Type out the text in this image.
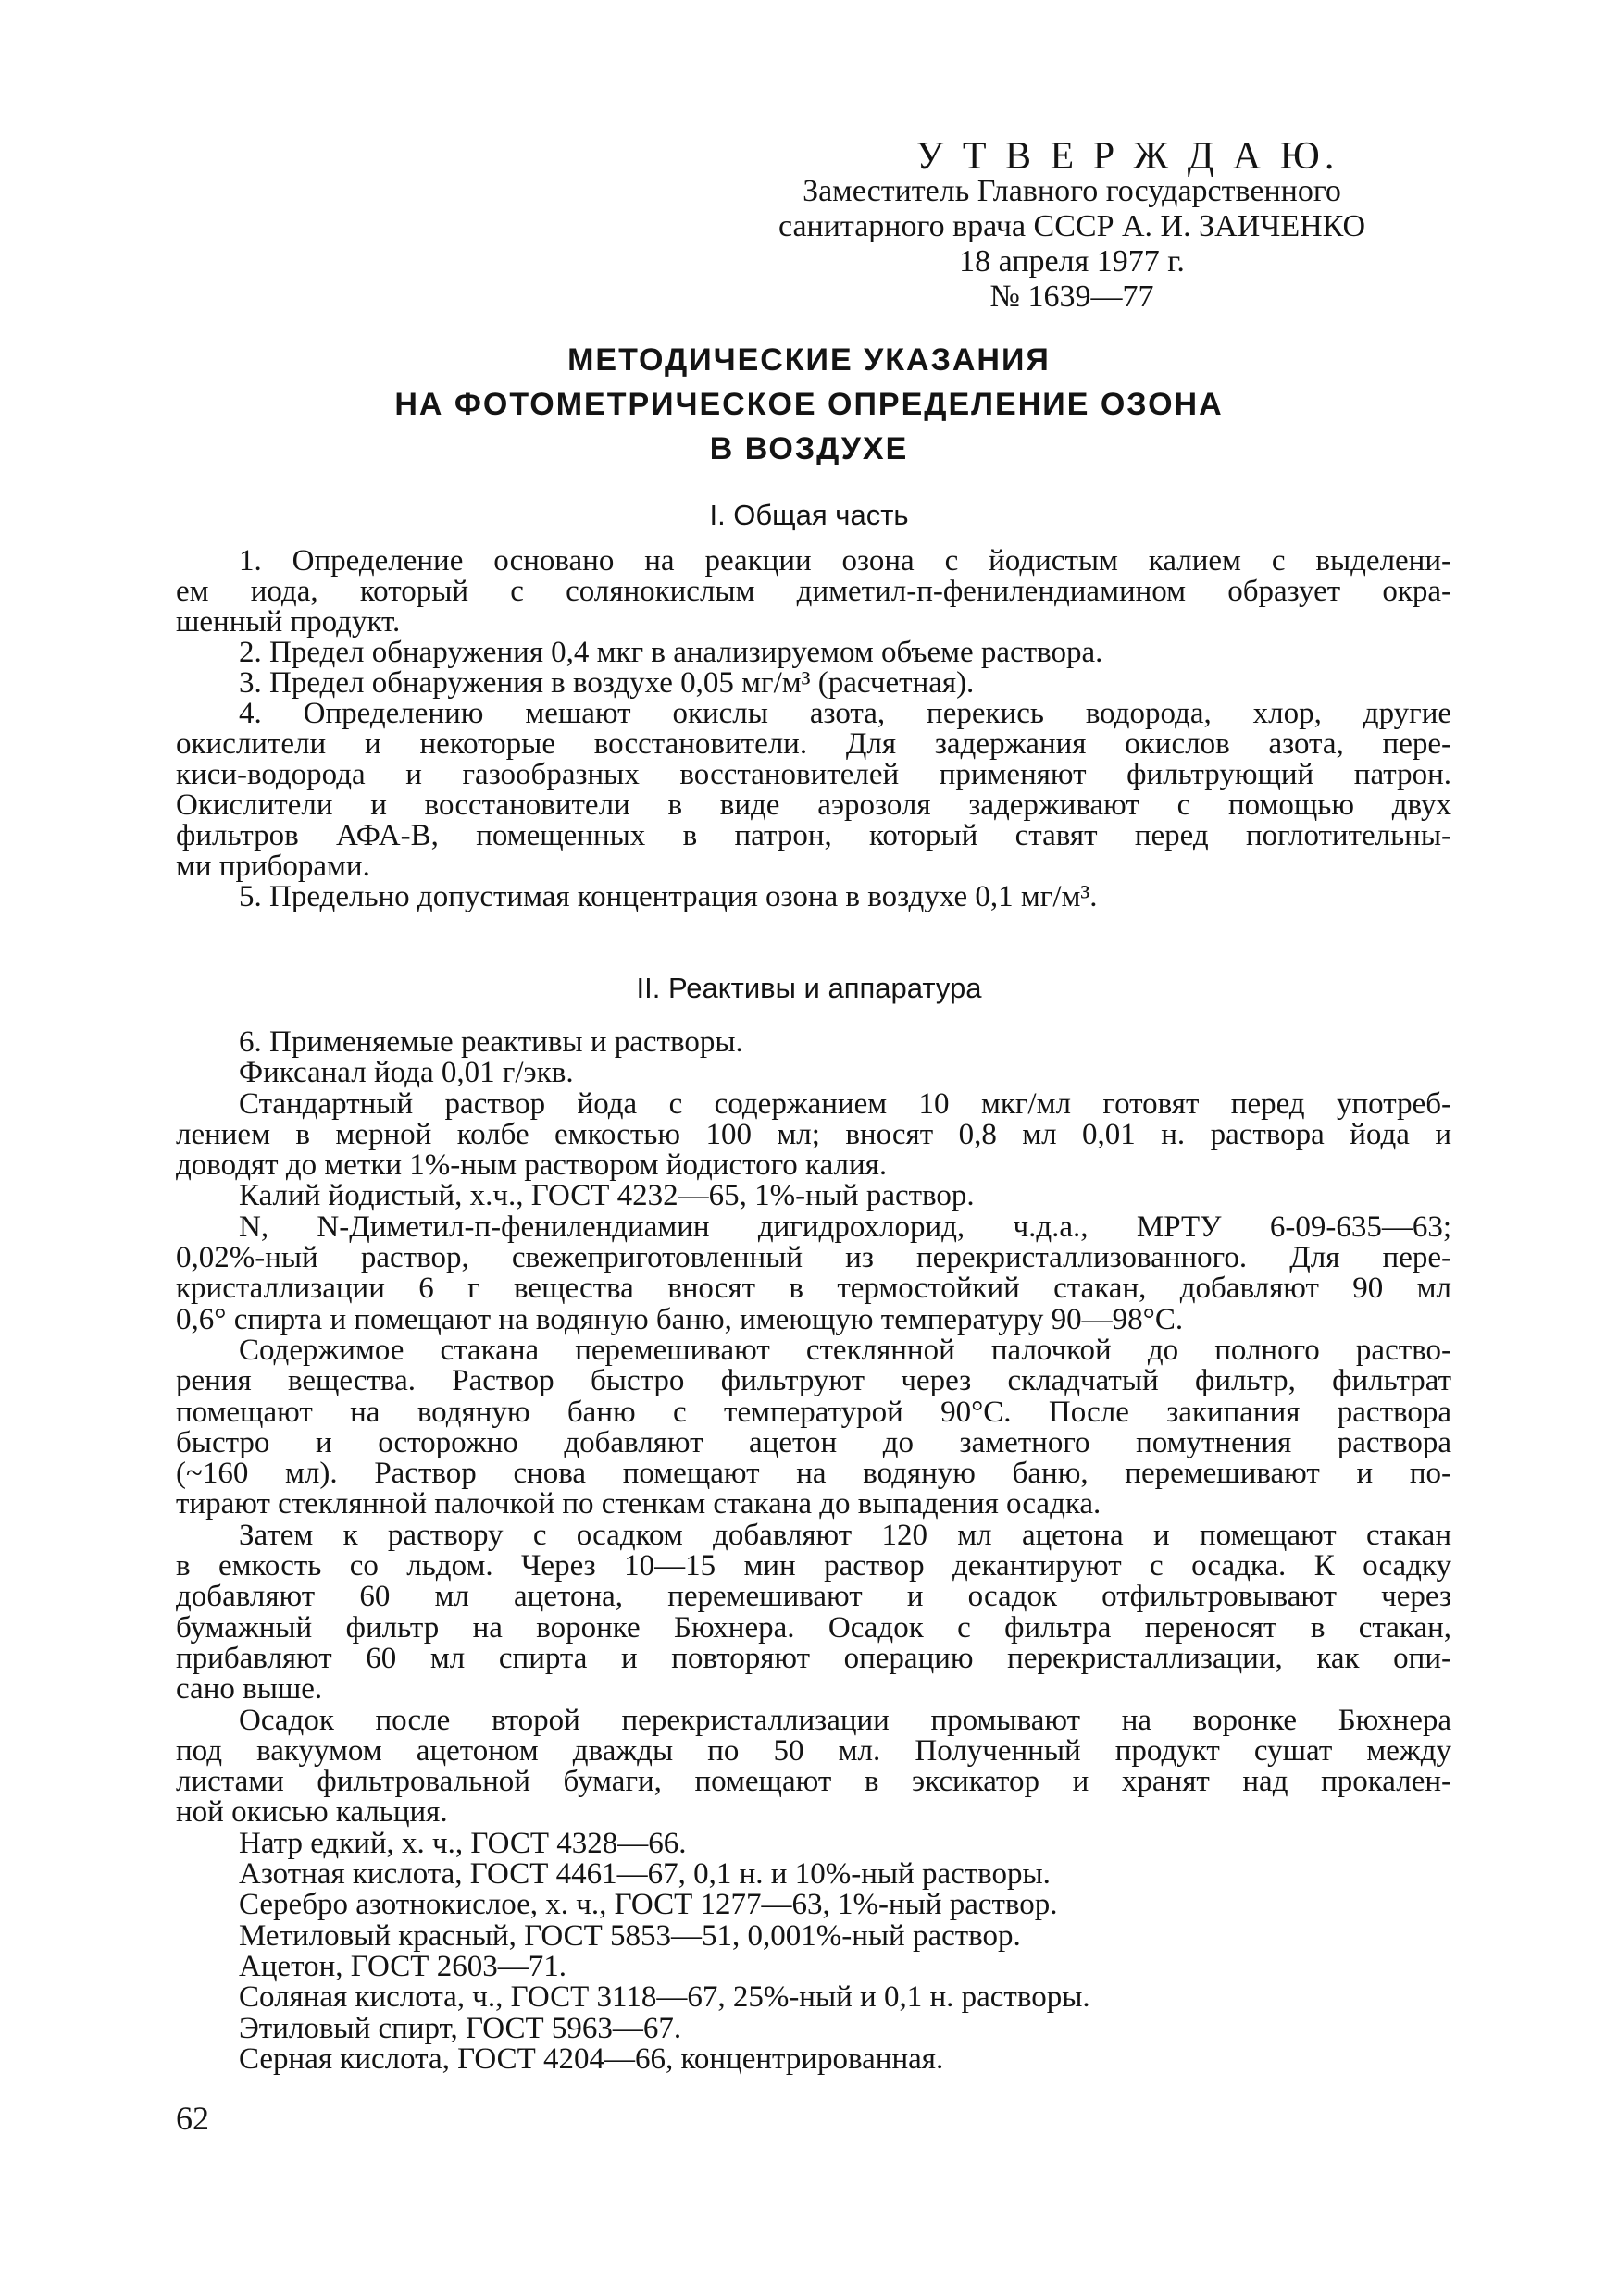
У Т В Е Р Ж Д А Ю.
Заместитель Главного государственного
санитарного врача СССР А. И. ЗАИЧЕНКО
18 апреля 1977 г.
№ 1639—77
МЕТОДИЧЕСКИЕ УКАЗАНИЯ
НА ФОТОМЕТРИЧЕСКОЕ ОПРЕДЕЛЕНИЕ ОЗОНА
В ВОЗДУХЕ
I. Общая часть
1. Определение основано на реакции озона с йодистым калием с выделени-
ем иода, который с солянокислым диметил-п-фенилендиамином образует окра-
шенный продукт.
2. Предел обнаружения 0,4 мкг в анализируемом объеме раствора.
3. Предел обнаружения в воздухе 0,05 мг/м³ (расчетная).
4. Определению мешают окислы азота, перекись водорода, хлор, другие
окислители и некоторые восстановители. Для задержания окислов азота, пере-
киси-водорода и газообразных восстановителей применяют фильтрующий патрон.
Окислители и восстановители в виде аэрозоля задерживают с помощью двух
фильтров АФА-В, помещенных в патрон, который ставят перед поглотительны-
ми приборами.
5. Предельно допустимая концентрация озона в воздухе 0,1 мг/м³.
II. Реактивы и аппаратура
6. Применяемые реактивы и растворы.
Фиксанал йода 0,01 г/экв.
Стандартный раствор йода с содержанием 10 мкг/мл готовят перед употреб-
лением в мерной колбе емкостью 100 мл; вносят 0,8 мл 0,01 н. раствора йода и
доводят до метки 1%-ным раствором йодистого калия.
Калий йодистый, х.ч., ГОСТ 4232—65, 1%-ный раствор.
N, N-Диметил-п-фенилендиамин дигидрохлорид, ч.д.а., МРТУ 6-09-635—63;
0,02%-ный раствор, свежеприготовленный из перекристаллизованного. Для пере-
кристаллизации 6 г вещества вносят в термостойкий стакан, добавляют 90 мл
0,6° спирта и помещают на водяную баню, имеющую температуру 90—98°С.
Содержимое стакана перемешивают стеклянной палочкой до полного раство-
рения вещества. Раствор быстро фильтруют через складчатый фильтр, фильтрат
помещают на водяную баню с температурой 90°С. После закипания раствора
быстро и осторожно добавляют ацетон до заметного помутнения раствора
(~160 мл). Раствор снова помещают на водяную баню, перемешивают и по-
тирают стеклянной палочкой по стенкам стакана до выпадения осадка.
Затем к раствору с осадком добавляют 120 мл ацетона и помещают стакан
в емкость со льдом. Через 10—15 мин раствор декантируют с осадка. К осадку
добавляют 60 мл ацетона, перемешивают и осадок отфильтровывают через
бумажный фильтр на воронке Бюхнера. Осадок с фильтра переносят в стакан,
прибавляют 60 мл спирта и повторяют операцию перекристаллизации, как опи-
сано выше.
Осадок после второй перекристаллизации промывают на воронке Бюхнера
под вакуумом ацетоном дважды по 50 мл. Полученный продукт сушат между
листами фильтровальной бумаги, помещают в эксикатор и хранят над прокален-
ной окисью кальция.
Натр едкий, х. ч., ГОСТ 4328—66.
Азотная кислота, ГОСТ 4461—67, 0,1 н. и 10%-ный растворы.
Серебро азотнокислое, х. ч., ГОСТ 1277—63, 1%-ный раствор.
Метиловый красный, ГОСТ 5853—51, 0,001%-ный раствор.
Ацетон, ГОСТ 2603—71.
Соляная кислота, ч., ГОСТ 3118—67, 25%-ный и 0,1 н. растворы.
Этиловый спирт, ГОСТ 5963—67.
Серная кислота, ГОСТ 4204—66, концентрированная.
62
